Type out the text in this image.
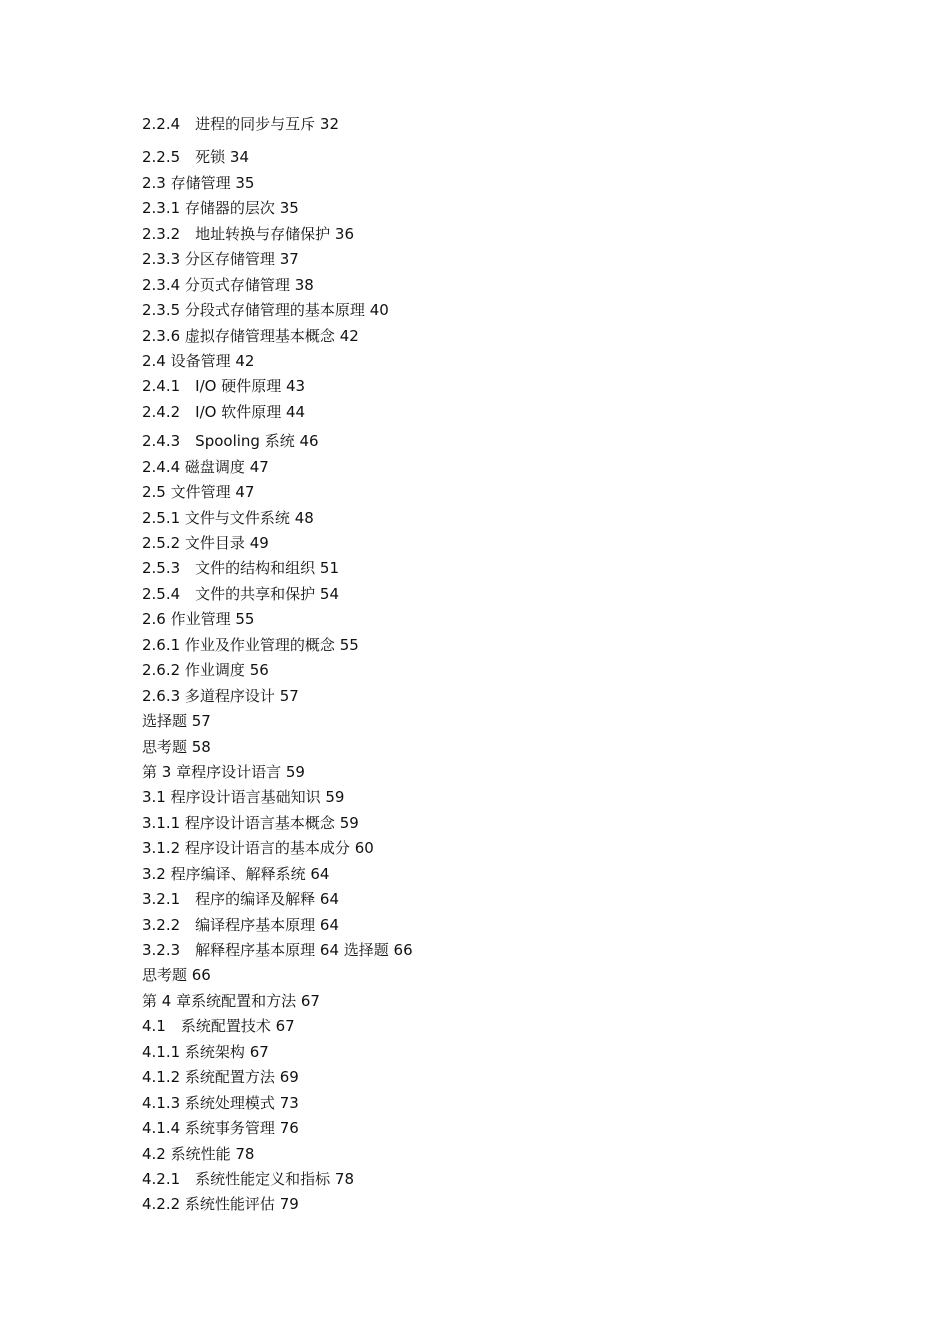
2.2.4　进程的同步与互斥 32
2.2.5　死锁 34
2.3 存储管理 35
2.3.1 存储器的层次 35
2.3.2　地址转换与存储保护 36
2.3.3 分区存储管理 37
2.3.4 分页式存储管理 38
2.3.5 分段式存储管理的基本原理 40
2.3.6 虚拟存储管理基本概念 42
2.4 设备管理 42
2.4.1　I/O 硬件原理 43
2.4.2　I/O 软件原理 44
2.4.3　Spooling 系统 46
2.4.4 磁盘调度 47
2.5 文件管理 47
2.5.1 文件与文件系统 48
2.5.2 文件目录 49
2.5.3　文件的结构和组织 51
2.5.4　文件的共享和保护 54
2.6 作业管理 55
2.6.1 作业及作业管理的概念 55
2.6.2 作业调度 56
2.6.3 多道程序设计 57
选择题 57
思考题 58
第 3 章程序设计语言 59
3.1 程序设计语言基础知识 59
3.1.1 程序设计语言基本概念 59
3.1.2 程序设计语言的基本成分 60
3.2 程序编译、解释系统 64
3.2.1　程序的编译及解释 64
3.2.2　编译程序基本原理 64
3.2.3　解释程序基本原理 64 选择题 66
思考题 66
第 4 章系统配置和方法 67
4.1　系统配置技术 67
4.1.1 系统架构 67
4.1.2 系统配置方法 69
4.1.3 系统处理模式 73
4.1.4 系统事务管理 76
4.2 系统性能 78
4.2.1　系统性能定义和指标 78
4.2.2 系统性能评估 79
